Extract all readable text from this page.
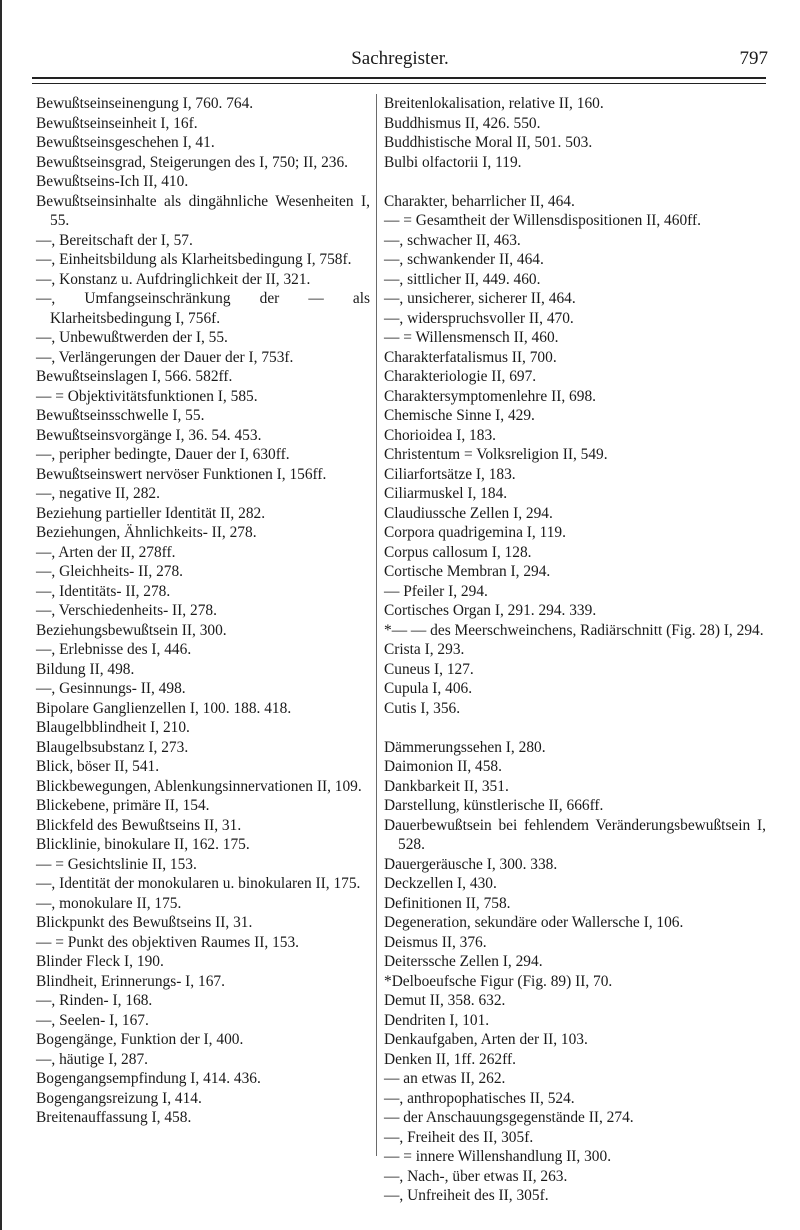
Sachregister.	797
Bewußtseinseinengung I, 760. 764.
Bewußtseinseinheit I, 16f.
Bewußtseinsgeschehen I, 41.
Bewußtseinsgrad, Steigerungen des I, 750; II, 236.
Bewußtseins-Ich II, 410.
Bewußtseinsinhalte als dingähnliche Wesenheiten I, 55.
—, Bereitschaft der I, 57.
—, Einheitsbildung als Klarheitsbedingung I, 758f.
—, Konstanz u. Aufdringlichkeit der II, 321.
—, Umfangseinschränkung der — als Klarheitsbedingung I, 756f.
—, Unbewußtwerden der I, 55.
—, Verlängerungen der Dauer der I, 753f.
Bewußtseinslagen I, 566. 582ff.
— = Objektivitätsfunktionen I, 585.
Bewußtseinsschwelle I, 55.
Bewußtseinsvorgänge I, 36. 54. 453.
—, peripher bedingte, Dauer der I, 630ff.
Bewußtseinswert nervöser Funktionen I, 156ff.
—, negative II, 282.
Beziehung partieller Identität II, 282.
Beziehungen, Ähnlichkeits- II, 278.
—, Arten der II, 278ff.
—, Gleichheits- II, 278.
—, Identitäts- II, 278.
—, Verschiedenheits- II, 278.
Beziehungsbewußtsein II, 300.
—, Erlebnisse des I, 446.
Bildung II, 498.
—, Gesinnungs- II, 498.
Bipolare Ganglienzellen I, 100. 188. 418.
Blaugelbblindheit I, 210.
Blaugelbsubstanz I, 273.
Blick, böser II, 541.
Blickbewegungen, Ablenkungsinnervationen II, 109.
Blickebene, primäre II, 154.
Blickfeld des Bewußtseins II, 31.
Blicklinie, binokulare II, 162. 175.
— = Gesichtslinie II, 153.
—, Identität der monokularen u. binokularen II, 175.
—, monokulare II, 175.
Blickpunkt des Bewußtseins II, 31.
— = Punkt des objektiven Raumes II, 153.
Blinder Fleck I, 190.
Blindheit, Erinnerungs- I, 167.
—, Rinden- I, 168.
—, Seelen- I, 167.
Bogengänge, Funktion der I, 400.
—, häutige I, 287.
Bogengangsempfindung I, 414. 436.
Bogengangsreizung I, 414.
Breitenauffassung I, 458.
Breitenlokalisation, relative II, 160.
Buddhismus II, 426. 550.
Buddhistische Moral II, 501. 503.
Bulbi olfactorii I, 119.
Charakter, beharrlicher II, 464.
— = Gesamtheit der Willensdispositionen II, 460ff.
—, schwacher II, 463.
—, schwankender II, 464.
—, sittlicher II, 449. 460.
—, unsicherer, sicherer II, 464.
—, widerspruchsvoller II, 470.
— = Willensmensch II, 460.
Charakterfatalismus II, 700.
Charakteriologie II, 697.
Charaktersymptomenlehre II, 698.
Chemische Sinne I, 429.
Chorioidea I, 183.
Christentum = Volksreligion II, 549.
Ciliarfortsätze I, 183.
Ciliarmuskel I, 184.
Claudiussche Zellen I, 294.
Corpora quadrigemina I, 119.
Corpus callosum I, 128.
Cortische Membran I, 294.
— Pfeiler I, 294.
Cortisches Organ I, 291. 294. 339.
*— — des Meerschweinchens, Radiärschnitt (Fig. 28) I, 294.
Crista I, 293.
Cuneus I, 127.
Cupula I, 406.
Cutis I, 356.
Dämmerungssehen I, 280.
Daimonion II, 458.
Dankbarkeit II, 351.
Darstellung, künstlerische II, 666ff.
Dauerbewußtsein bei fehlendem Veränderungsbewußtsein I, 528.
Dauergeräusche I, 300. 338.
Deckzellen I, 430.
Definitionen II, 758.
Degeneration, sekundäre oder Wallersche I, 106.
Deismus II, 376.
Deiterssche Zellen I, 294.
*Delboeufsche Figur (Fig. 89) II, 70.
Demut II, 358. 632.
Dendriten I, 101.
Denkaufgaben, Arten der II, 103.
Denken II, 1ff. 262ff.
— an etwas II, 262.
—, anthropophatisches II, 524.
— der Anschauungsgegenstände II, 274.
—, Freiheit des II, 305f.
— = innere Willenshandlung II, 300.
—, Nach-, über etwas II, 263.
—, Unfreiheit des II, 305f.
